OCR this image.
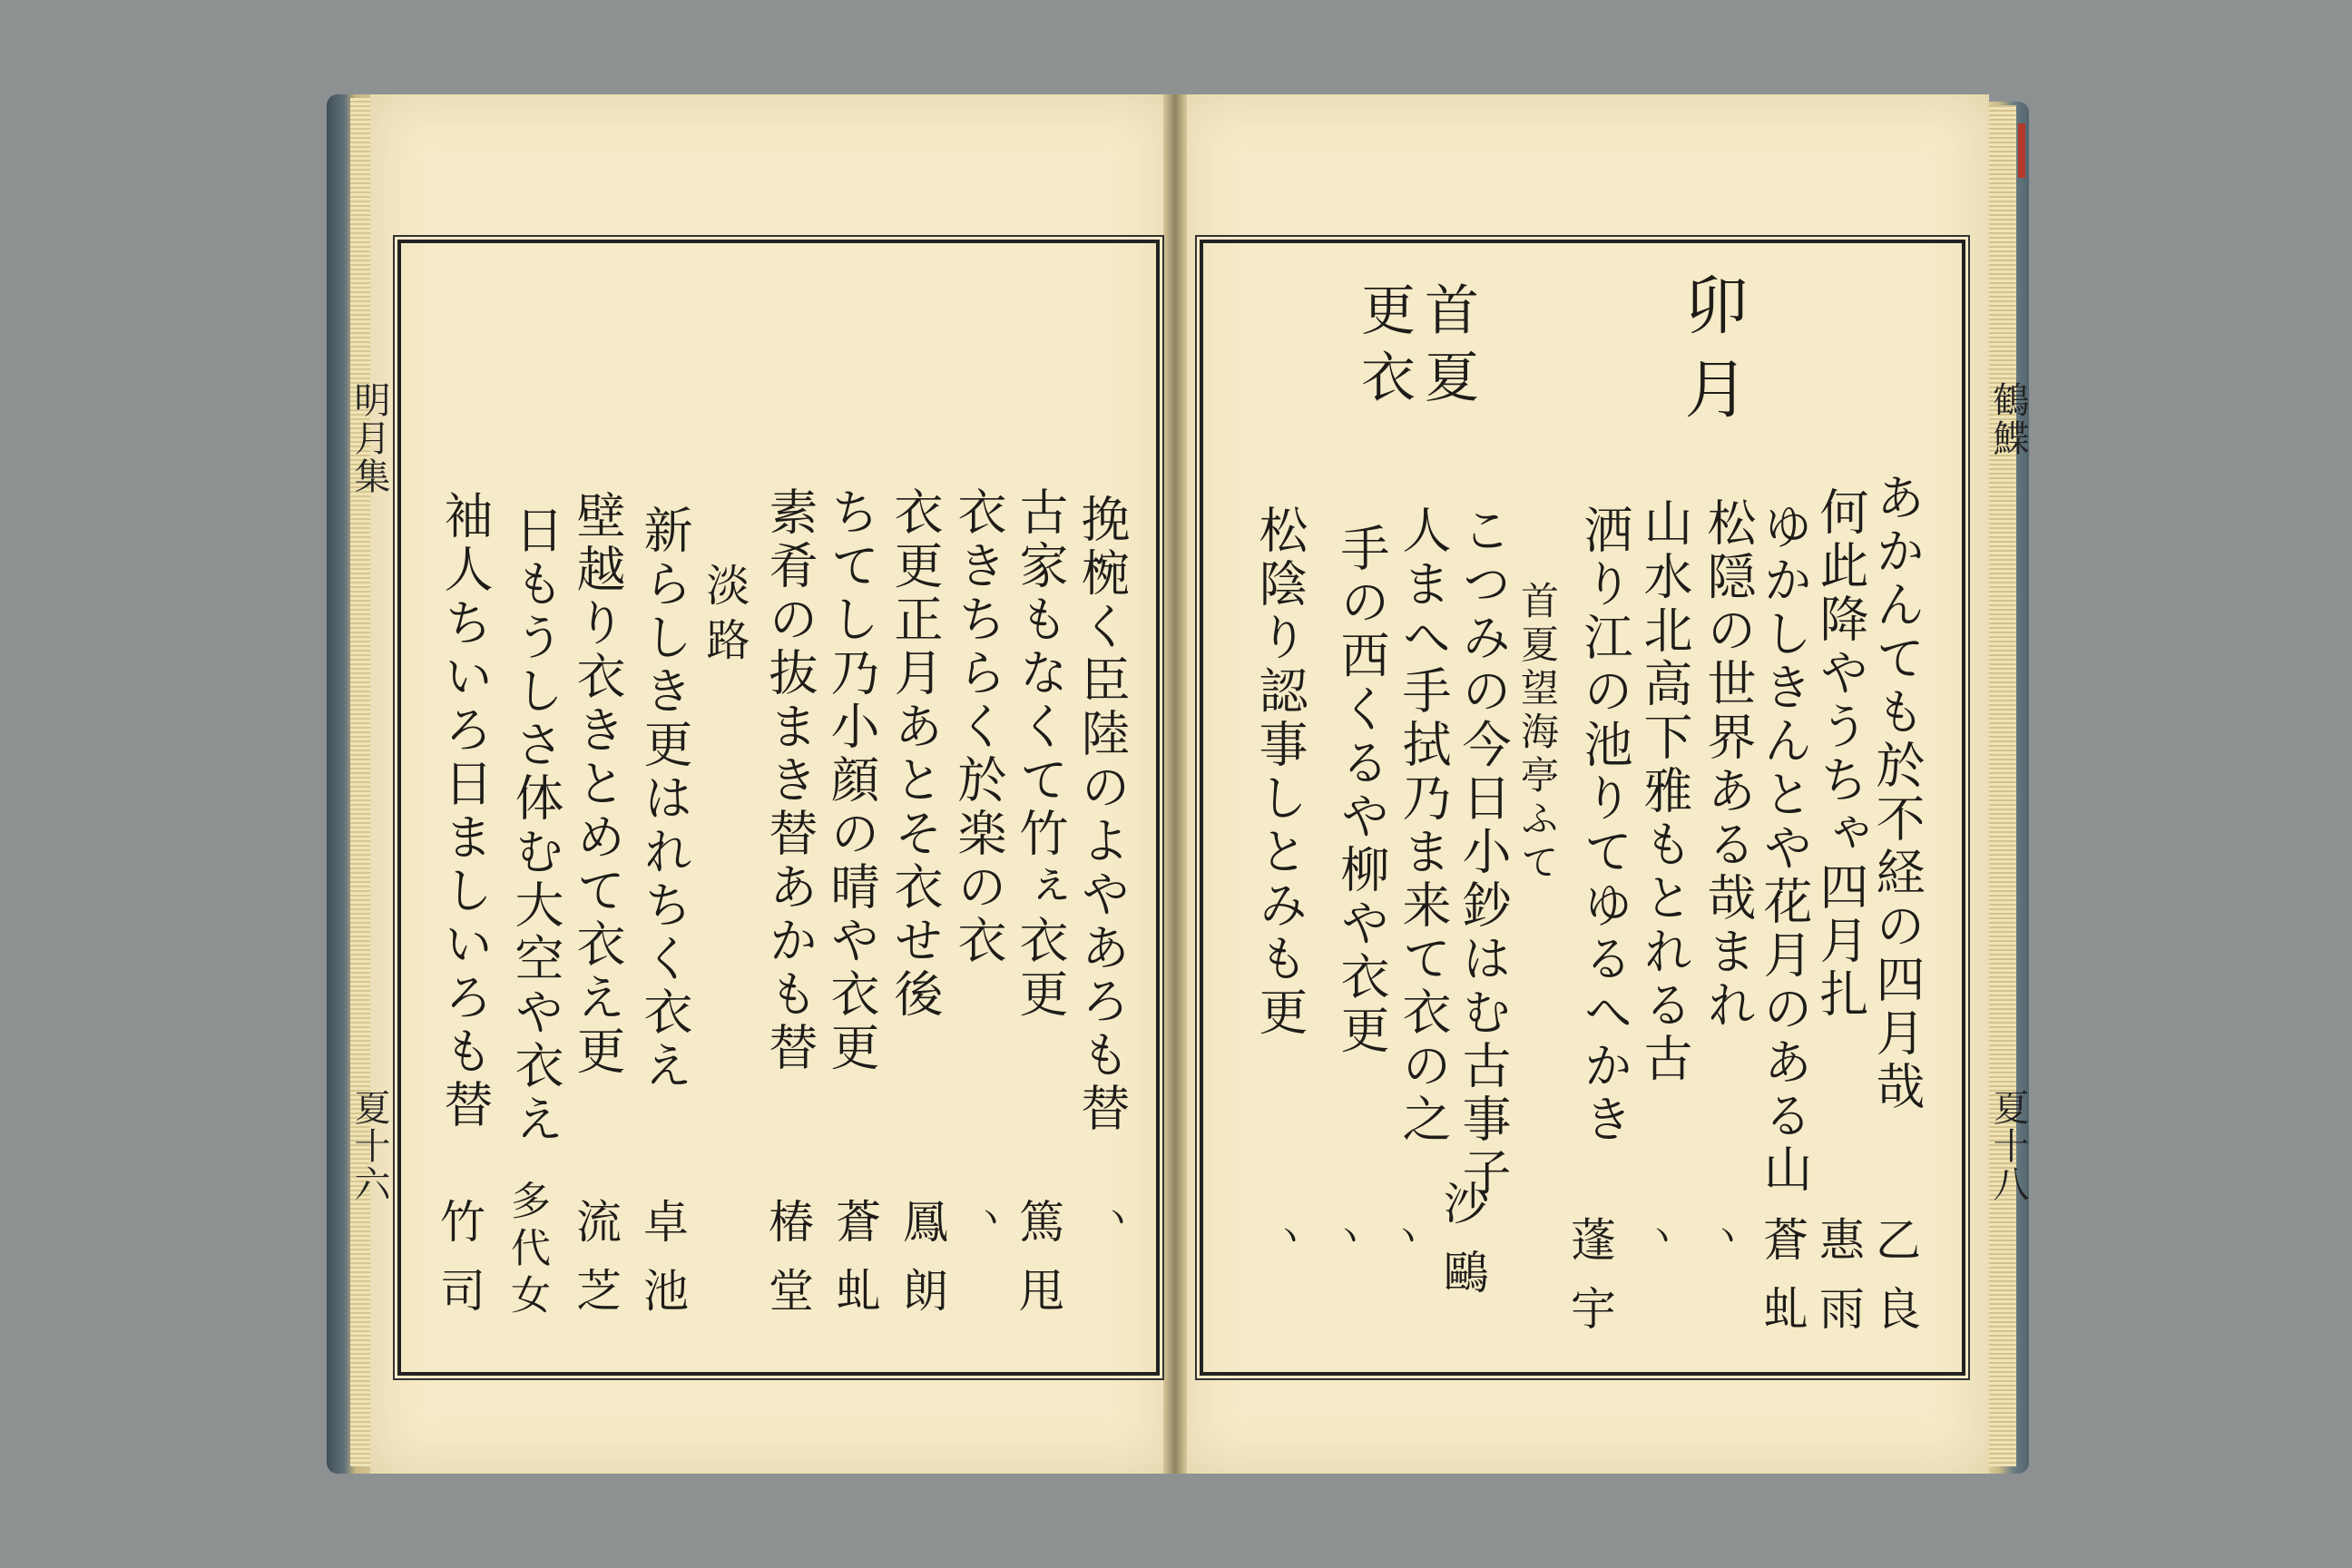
明月集
夏十六
鶴鰈
夏十八
卯月
首夏
更衣
あかんても於不経の四月哉
乙良
何此降やうちゃ四月扎
惠雨
ゆかしきんとや花月のある山
蒼虬
松隠の世界ある哉まれ
ヽ
山水北高下雅もとれる古
蓬宇
洒り江の池りてゆるへかき
ヽ
首夏望海亭ふて
こつみの今日小鈔はむ古事子
沙鷗
人まへ手拭乃ま来て衣の之
ヽ
手の西くるや柳や衣更
ヽ
松陰り認事しとみも更
ヽ
挽椀く臣陸のよやあろも替
ヽ
古家もなくて竹ぇ衣更
篤甩
衣きちらく於楽の衣
鳳朗
衣更正月あとそ衣せ後
ヽ
ちてし乃小顔の晴や衣更
蒼虬
素肴の抜まき替あかも替
椿堂
淡路
新らしき更はれちく衣え
卓池
壁越り衣きとめて衣え更
流芝
日もうしさ体む大空や衣え
多代女
袖人ちいろ日ましいろも替
竹司
